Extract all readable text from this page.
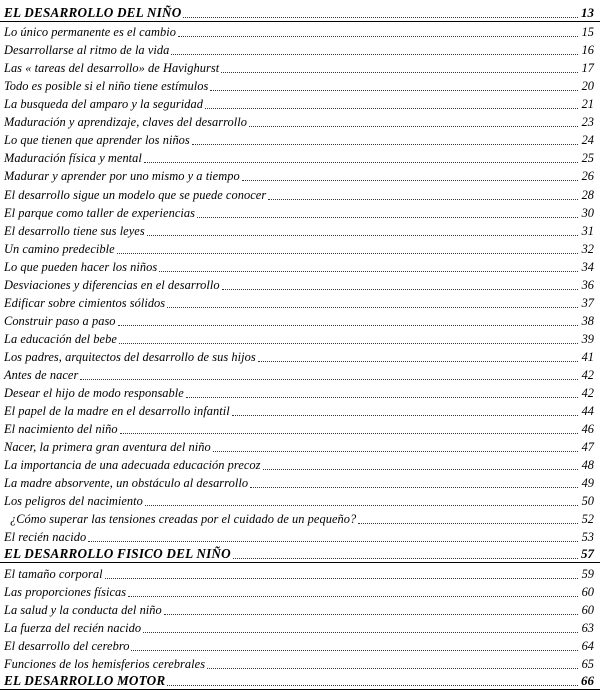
EL DESARROLLO DEL NIÑO	13
Lo único permanente es el cambio	15
Desarrollarse al ritmo de la vida	16
Las « tareas del desarrollo» de Havighurst	17
Todo es posible si el niño tiene estímulos	20
La busqueda del amparo y la seguridad	21
Maduración y aprendizaje, claves del desarrollo	23
Lo que tienen que aprender los niños	24
Maduración física y mental	25
Madurar y aprender por uno mismo y a tiempo	26
El desarrollo sigue un modelo que se puede conocer	28
El parque como taller de experiencias	30
El desarrollo tiene sus leyes	31
Un camino predecible	32
Lo que pueden hacer los niños	34
Desviaciones y diferencias en el desarrollo	36
Edificar sobre cimientos sólidos	37
Construir paso a paso	38
La educación del bebe	39
Los padres, arquitectos del desarrollo de sus hijos	41
Antes de nacer	42
Desear el hijo de modo responsable	42
El papel de la madre en el desarrollo infantil	44
El nacimiento del niño	46
Nacer, la primera gran aventura del niño	47
La importancia de una adecuada educación precoz	48
La madre absorvente, un obstáculo al desarrollo	49
Los peligros del nacimiento	50
¿Cómo superar las tensiones creadas por el cuidado de un pequeño?	52
El recién nacido	53
EL DESARROLLO FISICO DEL NIÑO	57
El tamaño corporal	59
Las proporciones físicas	60
La salud y la conducta del niño	60
La fuerza del recién nacido	63
El desarrollo del cerebro	64
Funciones de los hemisferios cerebrales	65
EL DESARROLLO MOTOR	66
